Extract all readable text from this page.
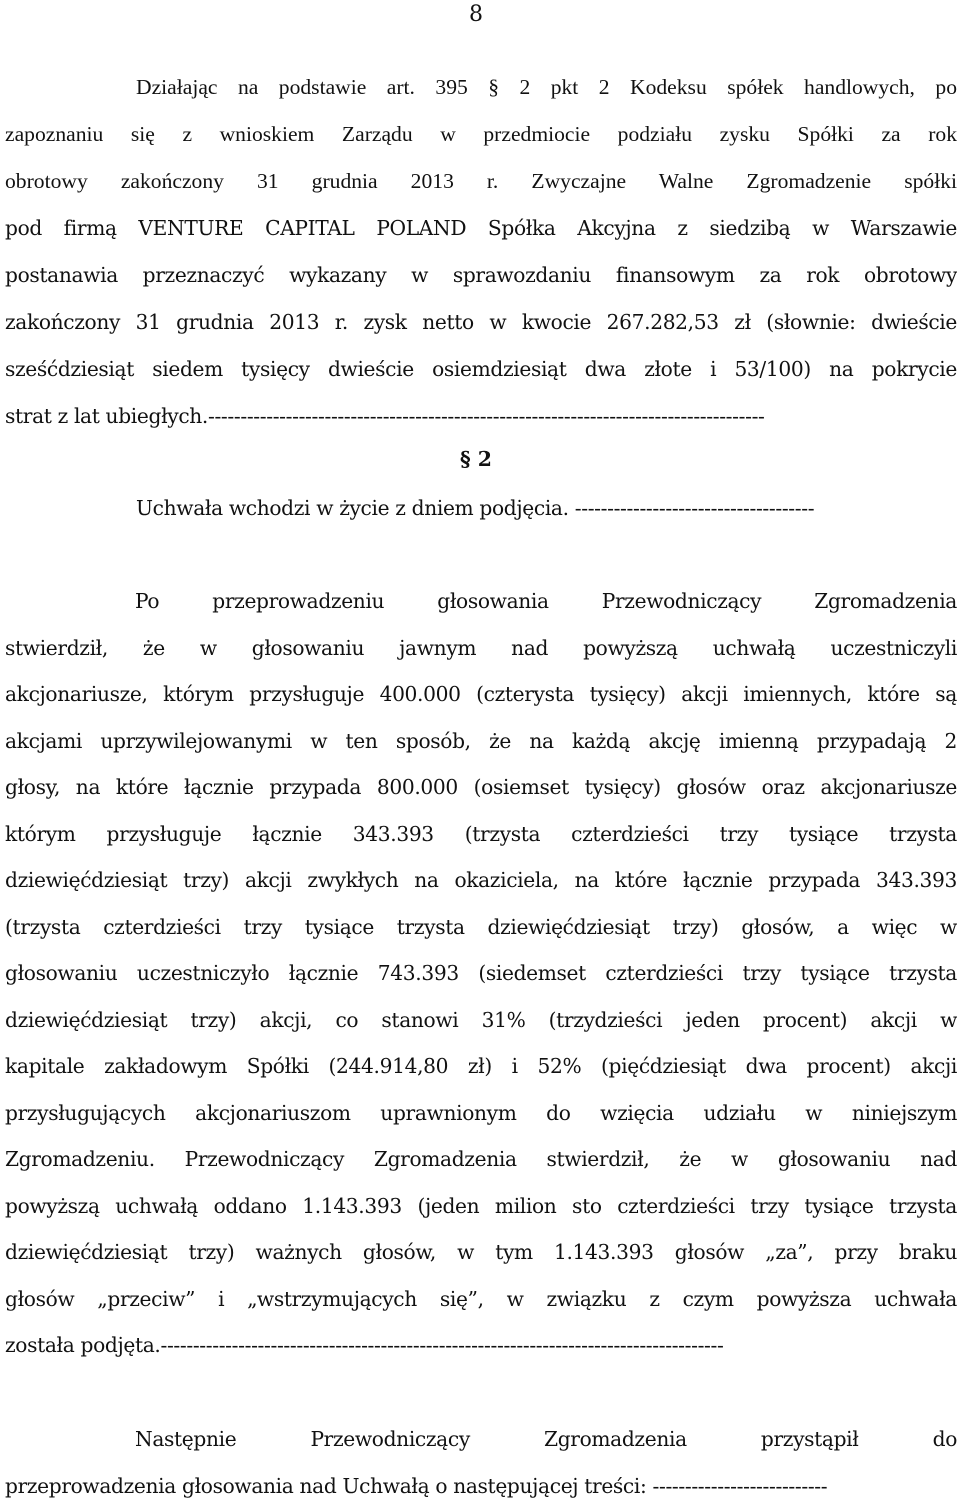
8
Działając na podstawie art. 395 § 2 pkt 2 Kodeksu spółek handlowych, po
zapoznaniu się z wnioskiem Zarządu w przedmiocie podziału zysku Spółki za rok
obrotowy zakończony 31 grudnia 2013 r. Zwyczajne Walne Zgromadzenie spółki
pod firmą VENTURE CAPITAL POLAND Spółka Akcyjna z siedzibą w Warszawie
postanawia przeznaczyć wykazany w sprawozdaniu finansowym za rok obrotowy
zakończony 31 grudnia 2013 r. zysk netto w kwocie 267.282,53 zł (słownie: dwieście
sześćdziesiąt siedem tysięcy dwieście osiemdziesiąt dwa złote i 53/100) na pokrycie
strat z lat ubiegłych.--------------------------------------------------------------------------------------
§ 2
Uchwała wchodzi w życie z dniem podjęcia. -------------------------------------
Po przeprowadzeniu głosowania Przewodniczący Zgromadzenia
stwierdził, że w głosowaniu jawnym nad powyższą uchwałą uczestniczyli
akcjonariusze, którym przysługuje 400.000 (czterysta tysięcy) akcji imiennych, które są
akcjami uprzywilejowanymi w ten sposób, że na każdą akcję imienną przypadają 2
głosy, na które łącznie przypada 800.000 (osiemset tysięcy) głosów oraz akcjonariusze
którym przysługuje łącznie 343.393 (trzysta czterdzieści trzy tysiące trzysta
dziewięćdziesiąt trzy) akcji zwykłych na okaziciela, na które łącznie przypada 343.393
(trzysta czterdzieści trzy tysiące trzysta dziewięćdziesiąt trzy) głosów, a więc w
głosowaniu uczestniczyło łącznie 743.393 (siedemset czterdzieści trzy tysiące trzysta
dziewięćdziesiąt trzy) akcji, co stanowi 31% (trzydzieści jeden procent) akcji w
kapitale zakładowym Spółki (244.914,80 zł) i 52% (pięćdziesiąt dwa procent) akcji
przysługujących akcjonariuszom uprawnionym do wzięcia udziału w niniejszym
Zgromadzeniu. Przewodniczący Zgromadzenia stwierdził, że w głosowaniu nad
powyższą uchwałą oddano 1.143.393 (jeden milion sto czterdzieści trzy tysiące trzysta
dziewięćdziesiąt trzy) ważnych głosów, w tym 1.143.393 głosów „za”, przy braku
głosów „przeciw” i „wstrzymujących się”, w związku z czym powyższa uchwała
została podjęta.---------------------------------------------------------------------------------------
Następnie Przewodniczący Zgromadzenia przystąpił do
przeprowadzenia głosowania nad Uchwałą o następującej treści: ---------------------------
